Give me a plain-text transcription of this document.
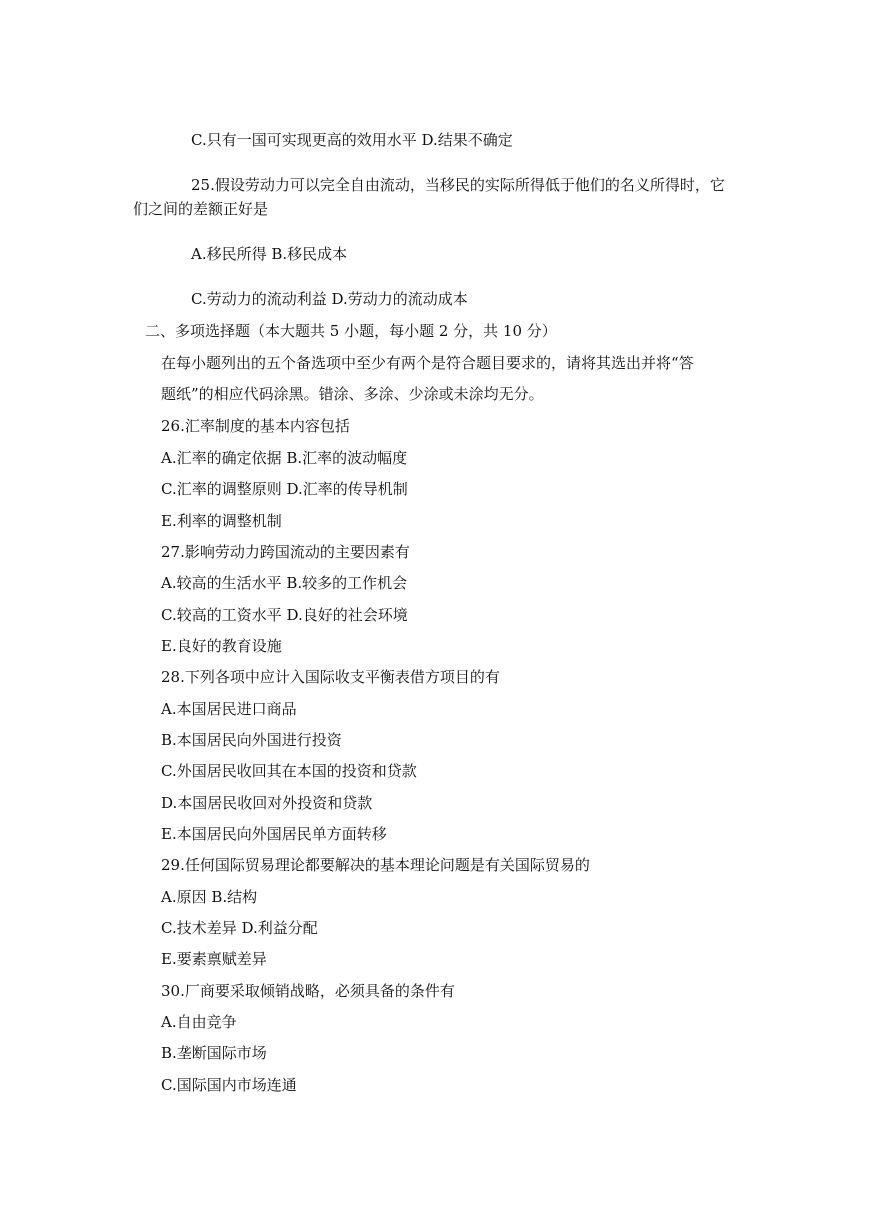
C.只有一国可实现更高的效用水平 D.结果不确定
25.假设劳动力可以完全自由流动，当移民的实际所得低于他们的名义所得时，它
们之间的差额正好是
A.移民所得 B.移民成本
C.劳动力的流动利益 D.劳动力的流动成本
二、多项选择题（本大题共 5 小题，每小题 2 分，共 10 分）
在每小题列出的五个备选项中至少有两个是符合题目要求的，请将其选出并将“答
题纸”的相应代码涂黑。错涂、多涂、少涂或未涂均无分。
26.汇率制度的基本内容包括
A.汇率的确定依据 B.汇率的波动幅度
C.汇率的调整原则 D.汇率的传导机制
E.利率的调整机制
27.影响劳动力跨国流动的主要因素有
A.较高的生活水平 B.较多的工作机会
C.较高的工资水平 D.良好的社会环境
E.良好的教育设施
28.下列各项中应计入国际收支平衡表借方项目的有
A.本国居民进口商品
B.本国居民向外国进行投资
C.外国居民收回其在本国的投资和贷款
D.本国居民收回对外投资和贷款
E.本国居民向外国居民单方面转移
29.任何国际贸易理论都要解决的基本理论问题是有关国际贸易的
A.原因 B.结构
C.技术差异 D.利益分配
E.要素禀赋差异
30.厂商要采取倾销战略，必须具备的条件有
A.自由竞争
B.垄断国际市场
C.国际国内市场连通
